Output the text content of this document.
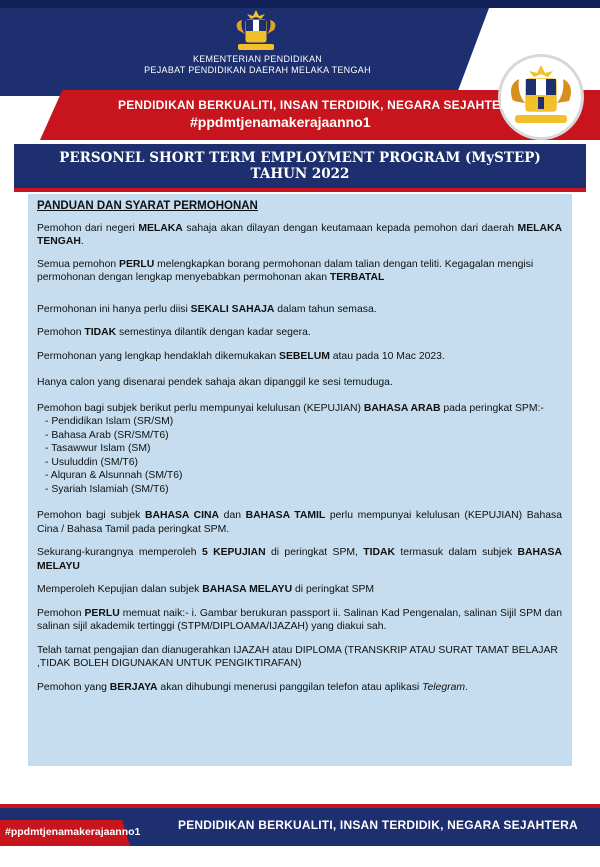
KEMENTERIAN PENDIDIKAN
PEJABAT PENDIDIKAN DAERAH MELAKA TENGAH
PENDIDIKAN BERKUALITI, INSAN TERDIDIK, NEGARA SEJAHTERA
#ppdmtjenamakerajaanno1
PERSONEL SHORT TERM EMPLOYMENT PROGRAM (MySTEP)
TAHUN 2022

PANDUAN DAN SYARAT PERMOHONAN

Pemohon dari negeri MELAKA sahaja akan dilayan dengan keutamaan kepada pemohon dari daerah MELAKA TENGAH.

Semua pemohon PERLU melengkapkan borang permohonan dalam talian dengan teliti. Kegagalan mengisi permohonan dengan lengkap menyebabkan permohonan akan TERBATAL

Permohonan ini hanya perlu diisi SEKALI SAHAJA dalam tahun semasa.

Pemohon TIDAK semestinya dilantik dengan kadar segera.

Permohonan yang lengkap hendaklah dikemukakan SEBELUM atau pada 10 Mac 2023.

Hanya calon yang disenarai pendek sahaja akan dipanggil ke sesi temuduga.

Pemohon bagi subjek berikut perlu mempunyai kelulusan (KEPUJIAN) BAHASA ARAB pada peringkat SPM:-

- Pendidikan Islam (SR/SM)
- Bahasa Arab (SR/SM/T6)
- Tasawwur Islam (SM)
- Usuluddin (SM/T6)
- Alquran & Alsunnah (SM/T6)
- Syariah Islamiah (SM/T6)

Pemohon bagi subjek BAHASA CINA dan BAHASA TAMIL perlu mempunyai kelulusan (KEPUJIAN) Bahasa Cina / Bahasa Tamil pada peringkat SPM.

Sekurang-kurangnya memperoleh 5 KEPUJIAN di peringkat SPM, TIDAK termasuk dalam subjek BAHASA MELAYU

Memperoleh Kepujian dalan subjek BAHASA MELAYU di peringkat SPM

Pemohon PERLU memuat naik:- i. Gambar berukuran passport ii. Salinan Kad Pengenalan, salinan Sijil SPM dan salinan sijil akademik tertinggi (STPM/DIPLOAMA/IJAZAH) yang diakui sah.

Telah tamat pengajian dan dianugerahkan IJAZAH atau DIPLOMA (TRANSKRIP ATAU SURAT TAMAT BELAJAR ,TIDAK BOLEH DIGUNAKAN UNTUK PENGIKTIRAFAN)

Pemohon yang BERJAYA akan dihubungi menerusi panggilan telefon atau aplikasi Telegram.

#ppdmtjenamakerajaanno1	PENDIDIKAN BERKUALITI, INSAN TERDIDIK, NEGARA SEJAHTERA
